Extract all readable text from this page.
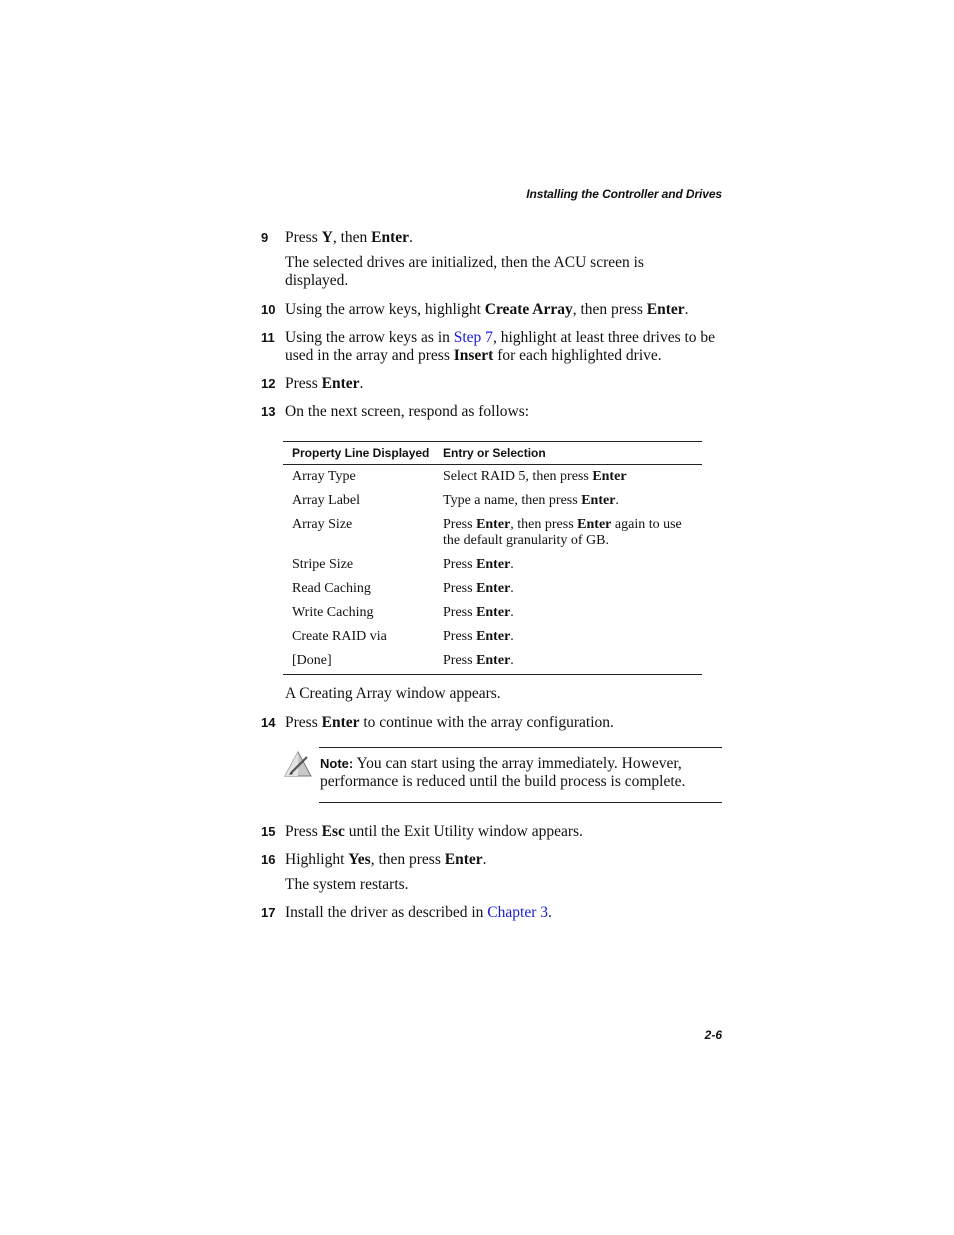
Installing the Controller and Drives
9 Press Y, then Enter.
The selected drives are initialized, then the ACU screen is displayed.
10 Using the arrow keys, highlight Create Array, then press Enter.
11 Using the arrow keys as in Step 7, highlight at least three drives to be used in the array and press Insert for each highlighted drive.
12 Press Enter.
13 On the next screen, respond as follows:
Property Line Displayed	Entry or Selection
Array Type	Select RAID 5, then press Enter
Array Label	Type a name, then press Enter.
Array Size	Press Enter, then press Enter again to use the default granularity of GB.
Stripe Size	Press Enter.
Read Caching	Press Enter.
Write Caching	Press Enter.
Create RAID via	Press Enter.
[Done]	Press Enter.
A Creating Array window appears.
14 Press Enter to continue with the array configuration.
Note: You can start using the array immediately. However, performance is reduced until the build process is complete.
15 Press Esc until the Exit Utility window appears.
16 Highlight Yes, then press Enter.
The system restarts.
17 Install the driver as described in Chapter 3.
2-6
